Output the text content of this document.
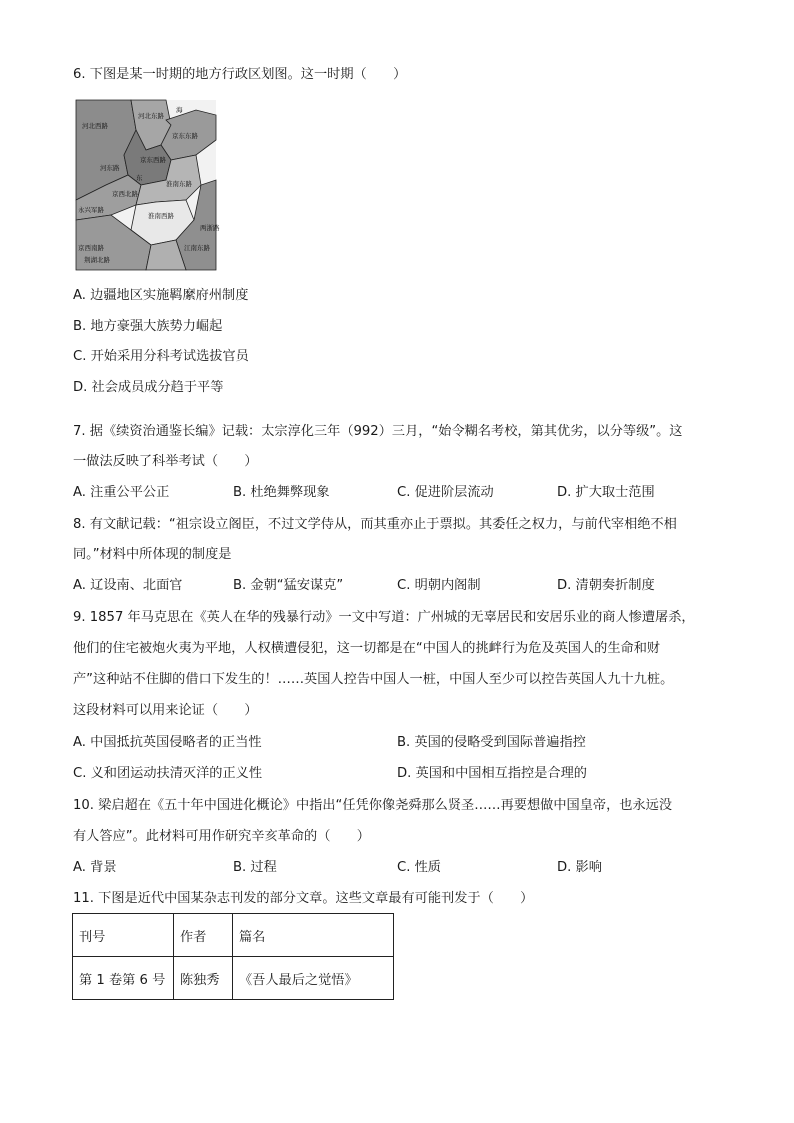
6. 下图是某一时期的地方行政区划图。这一时期（　　）
海
河北西路
河北东路
京东东路
京东西路
河东路
永兴军路
京西北路
京西南路
淮南东路
淮南西路
两浙路
江南东路
荆湖北路
东
A. 边疆地区实施羁縻府州制度
B. 地方豪强大族势力崛起
C. 开始采用分科考试选拔官员
D. 社会成员成分趋于平等
7. 据《续资治通鉴长编》记载：太宗淳化三年（992）三月，“始令糊名考校，第其优劣，以分等级”。这
一做法反映了科举考试（　　）
A. 注重公平公正	B. 杜绝舞弊现象	C. 促进阶层流动	D. 扩大取士范围
8. 有文献记载：“祖宗设立阁臣，不过文学侍从，而其重亦止于票拟。其委任之权力，与前代宰相绝不相
同。”材料中所体现的制度是
A. 辽设南、北面官	B. 金朝“猛安谋克”	C. 明朝内阁制	D. 清朝奏折制度
9. 1857 年马克思在《英人在华的残暴行动》一文中写道：广州城的无辜居民和安居乐业的商人惨遭屠杀，
他们的住宅被炮火夷为平地，人权横遭侵犯，这一切都是在“中国人的挑衅行为危及英国人的生命和财
产”这种站不住脚的借口下发生的！……英国人控告中国人一桩，中国人至少可以控告英国人九十九桩。
这段材料可以用来论证（　　）
A. 中国抵抗英国侵略者的正当性	B. 英国的侵略受到国际普遍指控
C. 义和团运动扶清灭洋的正义性	D. 英国和中国相互指控是合理的
10. 梁启超在《五十年中国进化概论》中指出“任凭你像尧舜那么贤圣……再要想做中国皇帝，也永远没
有人答应”。此材料可用作研究辛亥革命的（　　）
A. 背景	B. 过程	C. 性质	D. 影响
11. 下图是近代中国某杂志刊发的部分文章。这些文章最有可能刊发于（　　）
刊号	作者	篇名
第 1 卷第 6 号	陈独秀	《吾人最后之觉悟》
